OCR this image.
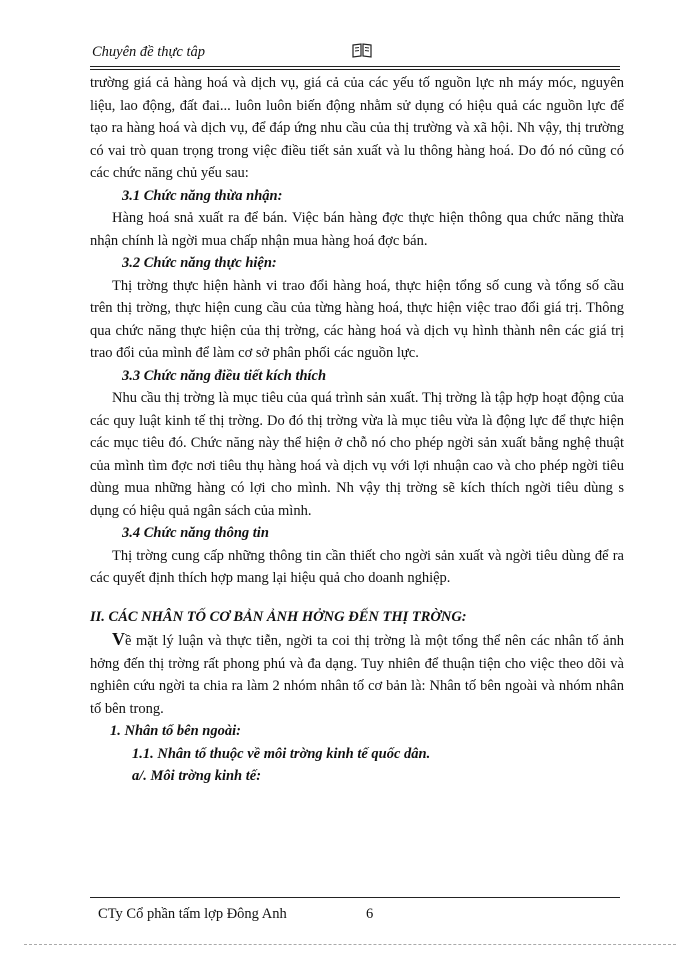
Chuyên đề thực tâp

trường giá cả hàng hoá và dịch vụ, giá cả của các yếu tố nguồn lực nh máy móc, nguyên liệu, lao động, đất đai... luôn luôn biến động nhằm sử dụng có hiệu quả các nguồn lực để tạo ra hàng hoá và dịch vụ, để đáp ứng nhu cầu của thị trường và xã hội. Nh vậy, thị trường có vai trò quan trọng trong việc điều tiết sản xuất và lu thông hàng hoá. Do đó nó cũng có các chức năng chủ yếu sau:

3.1 Chức năng thừa nhận:

Hàng hoá snả xuất ra để bán. Việc bán hàng đợc thực hiện thông qua chức năng thừa nhận chính là ngời mua chấp nhận mua hàng hoá đợc bán.

3.2 Chức năng thực hiện:

Thị trờng thực hiện hành vi trao đổi hàng hoá, thực hiện tổng số cung và tổng số cầu trên thị trờng, thực hiện cung cầu của từng hàng hoá, thực hiện việc trao đổi giá trị. Thông qua chức năng thực hiện của thị trờng, các hàng hoá và dịch vụ hình thành nên các giá trị trao đổi của mình để làm cơ sở phân phối các nguồn lực.

3.3 Chức năng điều tiết kích thích

Nhu cầu thị trờng là mục tiêu của quá trình sản xuất. Thị trờng là tập hợp hoạt động của các quy luật kinh tế thị trờng. Do đó thị trờng vừa là mục tiêu vừa là động lực để thực hiện các mục tiêu đó. Chức năng này thể hiện ở chỗ nó cho phép ngời sản xuất bằng nghệ thuật của mình tìm đợc nơi tiêu thụ hàng hoá và dịch vụ với lợi nhuận cao và cho phép ngời tiêu dùng mua những hàng có lợi cho mình. Nh vậy thị trờng sẽ kích thích ngời tiêu dùng s dụng có hiệu quả ngân sách của mình.

3.4 Chức năng thông tin

Thị trờng cung cấp những thông tin cần thiết cho ngời sản xuất và ngời tiêu dùng để ra các quyết định thích hợp mang lại hiệu quả cho doanh nghiệp.

II. CÁC NHÂN TỐ CƠ BẢN ẢNH HỞNG ĐẾN THỊ TRỜNG:

Về mặt lý luận và thực tiễn, ngời ta coi thị trờng là một tổng thể nên các nhân tố ảnh hởng đến thị trờng rất phong phú và đa dạng. Tuy nhiên để thuận tiện cho việc theo dõi và nghiên cứu ngời ta chia ra làm 2 nhóm nhân tố cơ bản là: Nhân tố bên ngoài và nhóm nhân tố bên trong.

1. Nhân tố bên ngoài:

1.1. Nhân tố thuộc về môi trờng kinh tế quốc dân.

a/. Môi trờng kinh tế:

CTy Cổ phần tấm lợp Đông Anh	6
